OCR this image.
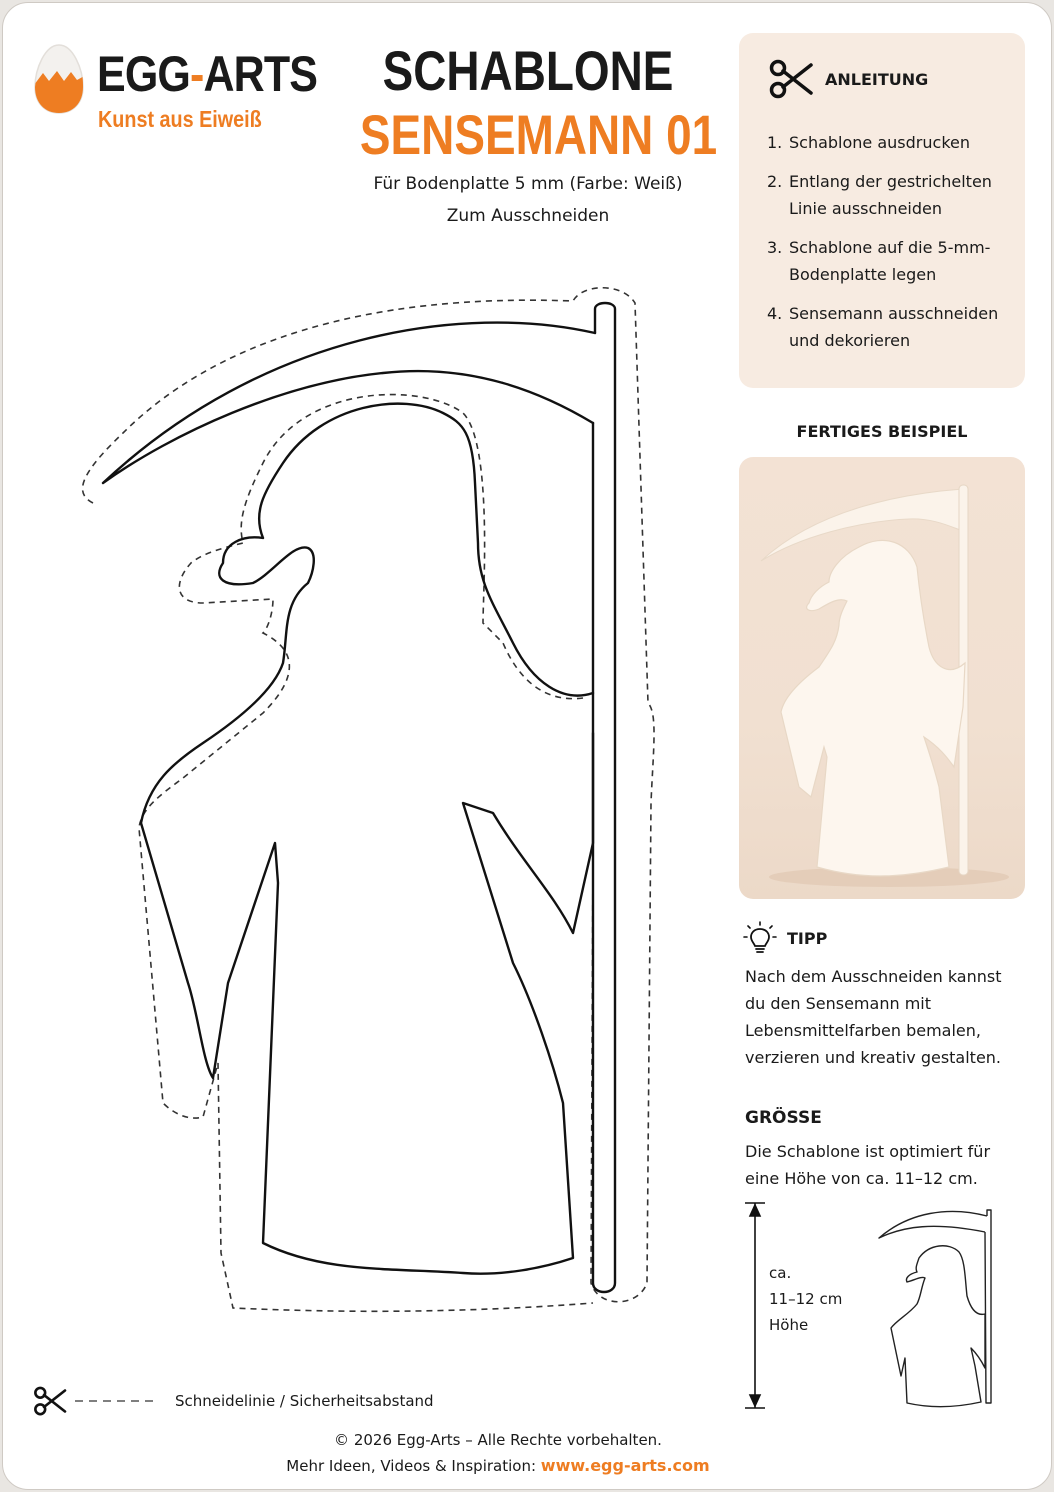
EGG-ARTS
Kunst aus Eiweiß
SCHABLONE
SENSEMANN 01
Für Bodenplatte 5 mm (Farbe: Weiß)
Zum Ausschneiden
ANLEITUNG
1. Schablone ausdrucken
2. Entlang der gestrichelten Linie ausschneiden
3. Schablone auf die 5-mm-Bodenplatte legen
4. Sensemann ausschneiden und dekorieren
FERTIGES BEISPIEL
TIPP
Nach dem Ausschneiden kannst du den Sensemann mit Lebensmittelfarben bemalen, verzieren und kreativ gestalten.
GRÖSSE
Die Schablone ist optimiert für eine Höhe von ca. 11–12 cm.
ca.
11–12 cm
Höhe
Schneidelinie / Sicherheitsabstand
© 2026 Egg-Arts – Alle Rechte vorbehalten.
Mehr Ideen, Videos & Inspiration: www.egg-arts.com
